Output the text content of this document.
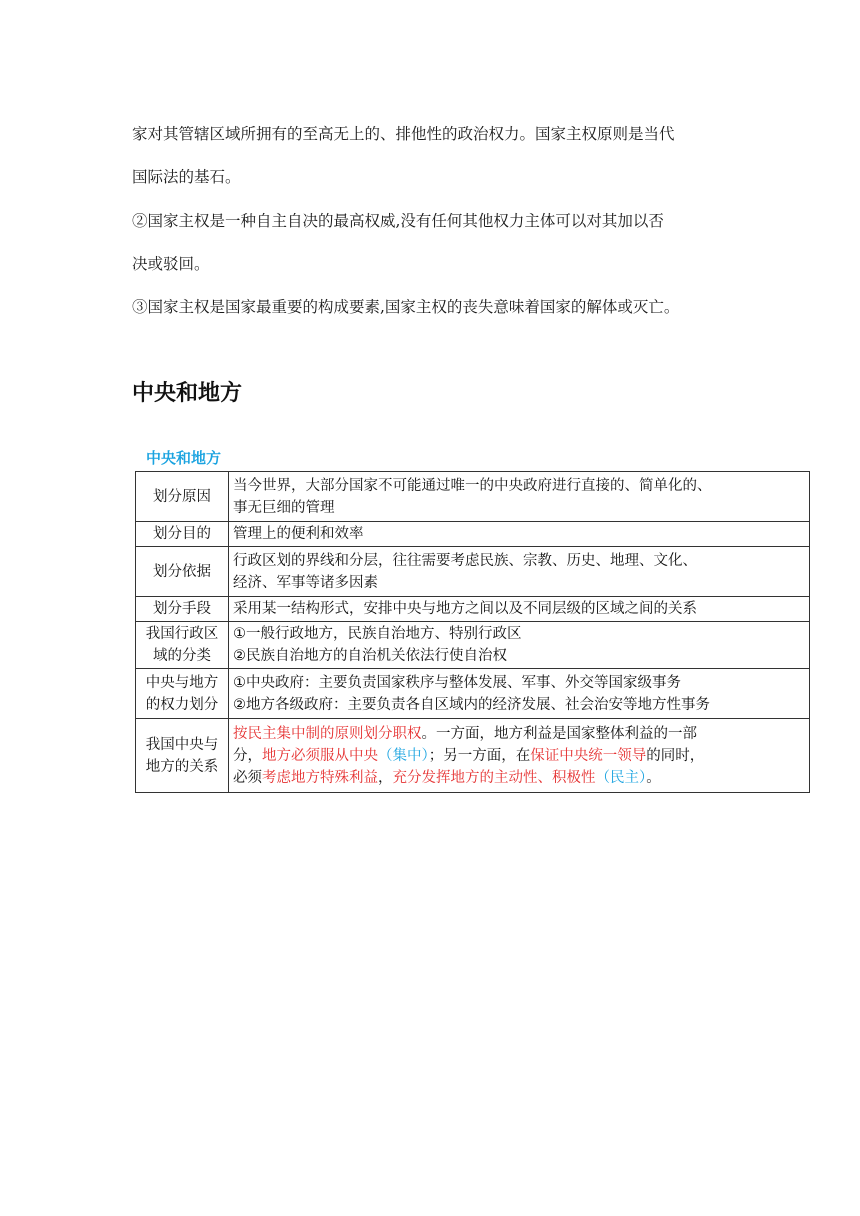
家对其管辖区域所拥有的至高无上的、排他性的政治权力。国家主权原则是当代
国际法的基石。
②国家主权是一种自主自决的最高权威,没有任何其他权力主体可以对其加以否
决或驳回。
③国家主权是国家最重要的构成要素,国家主权的丧失意味着国家的解体或灭亡。
中央和地方
中央和地方
划分原因	当今世界，大部分国家不可能通过唯一的中央政府进行直接的、简单化的、
事无巨细的管理

划分目的	管理上的便利和效率

划分依据	行政区划的界线和分层，往往需要考虑民族、宗教、历史、地理、文化、
经济、军事等诸多因素

划分手段	采用某一结构形式，安排中央与地方之间以及不同层级的区域之间的关系

我国行政区
域的分类	①一般行政地方，民族自治地方、特别行政区
②民族自治地方的自治机关依法行使自治权

中央与地方
的权力划分	①中央政府：主要负责国家秩序与整体发展、军事、外交等国家级事务
②地方各级政府：主要负责各自区域内的经济发展、社会治安等地方性事务

我国中央与
地方的关系	按民主集中制的原则划分职权。一方面，地方利益是国家整体利益的一部
分，地方必须服从中央（集中）；另一方面，在保证中央统一领导的同时，
必须考虑地方特殊利益，充分发挥地方的主动性、积极性（民主）。
